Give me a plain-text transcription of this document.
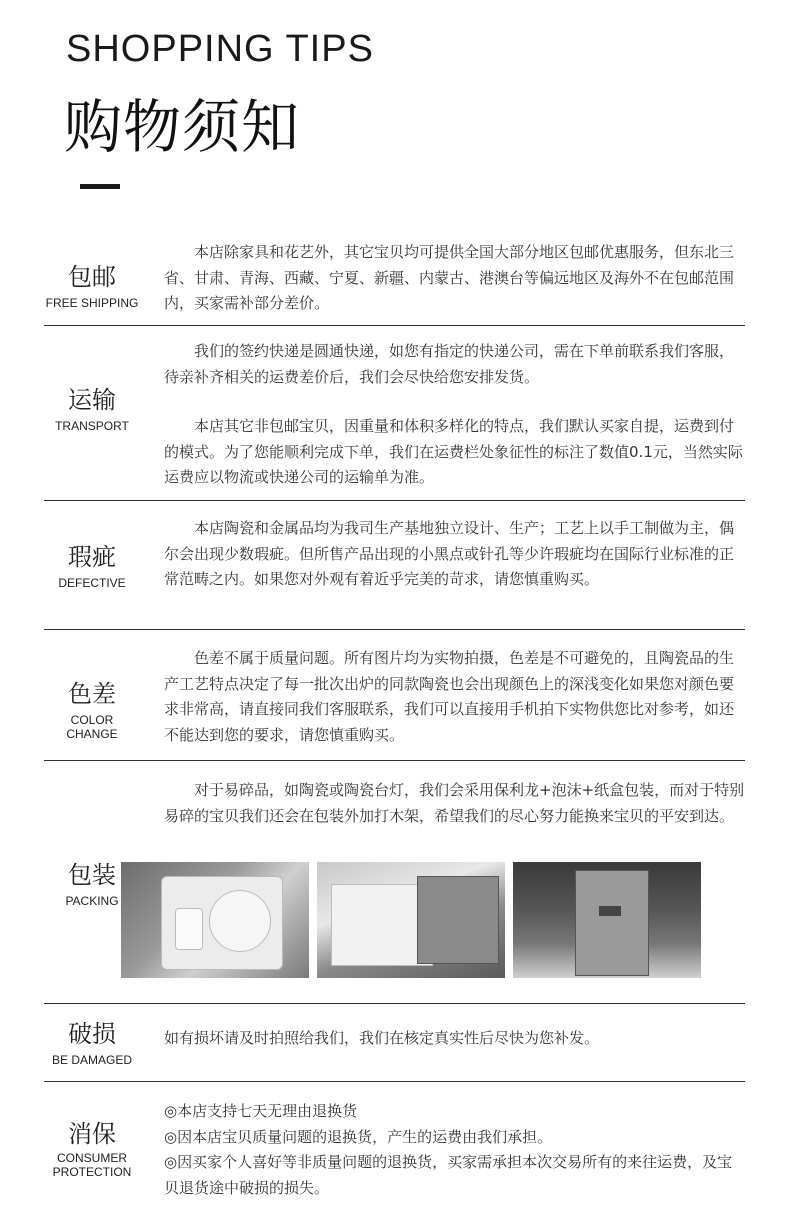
SHOPPING TIPS
购物须知
包邮
FREE SHIPPING

本店除家具和花艺外，其它宝贝均可提供全国大部分地区包邮优惠服务，但东北三省、甘肃、青海、西藏、宁夏、新疆、内蒙古、港澳台等偏远地区及海外不在包邮范围内，买家需补部分差价。

运输
TRANSPORT

我们的签约快递是圆通快递，如您有指定的快递公司，需在下单前联系我们客服，待亲补齐相关的运费差价后，我们会尽快给您安排发货。

本店其它非包邮宝贝，因重量和体积多样化的特点，我们默认买家自提，运费到付的模式。为了您能顺利完成下单，我们在运费栏处象征性的标注了数值0.1元，当然实际运费应以物流或快递公司的运输单为准。

瑕疵
DEFECTIVE

本店陶瓷和金属品均为我司生产基地独立设计、生产；工艺上以手工制做为主，偶尔会出现少数瑕疵。但所售产品出现的小黑点或针孔等少许瑕疵均在国际行业标准的正常范畴之内。如果您对外观有着近乎完美的苛求，请您慎重购买。

色差
COLOR CHANGE

色差不属于质量问题。所有图片均为实物拍摄，色差是不可避免的，且陶瓷品的生产工艺特点决定了每一批次出炉的同款陶瓷也会出现颜色上的深浅变化如果您对颜色要求非常高，请直接同我们客服联系，我们可以直接用手机拍下实物供您比对参考，如还不能达到您的要求，请您慎重购买。

包装
PACKING

对于易碎品，如陶瓷或陶瓷台灯，我们会采用保利龙+泡沫+纸盒包装，而对于特别易碎的宝贝我们还会在包装外加打木架，希望我们的尽心努力能换来宝贝的平安到达。

破损
BE DAMAGED

如有损坏请及时拍照给我们，我们在核定真实性后尽快为您补发。

消保
CONSUMER
PROTECTION

◎本店支持七天无理由退换货

◎因本店宝贝质量问题的退换货，产生的运费由我们承担。

◎因买家个人喜好等非质量问题的退换货，买家需承担本次交易所有的来往运费，及宝贝退货途中破损的损失。
